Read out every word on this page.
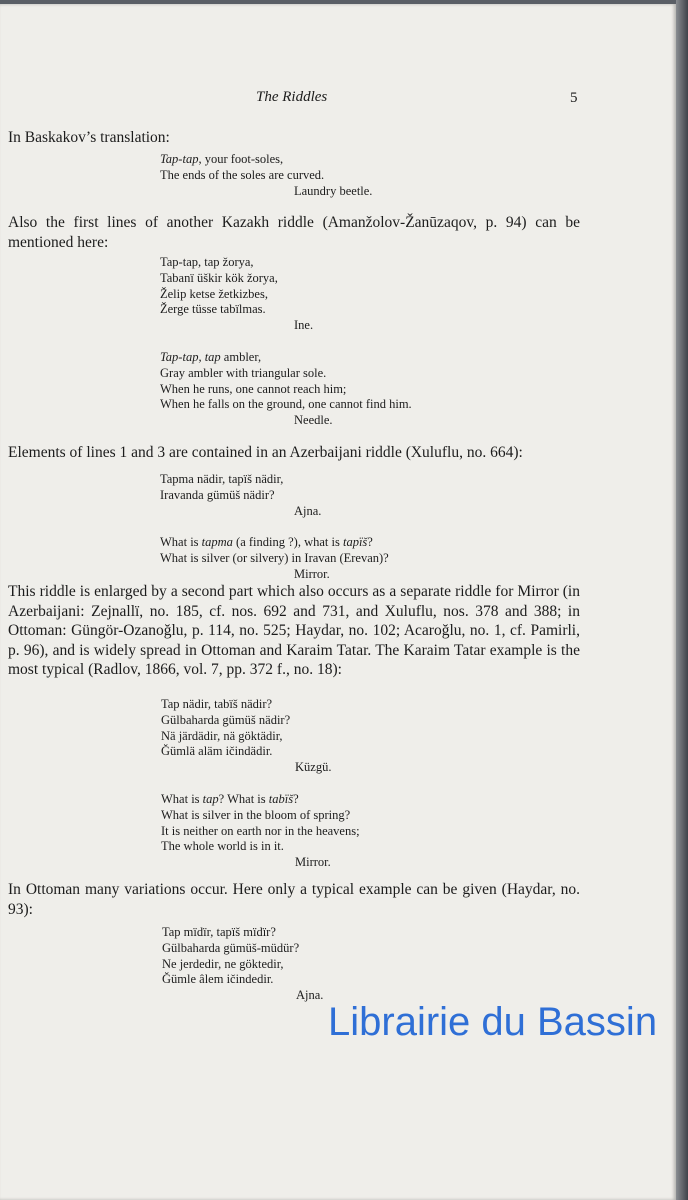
The Riddles	5
In Baskakov’s translation:
Tap-tap, your foot-soles,
The ends of the soles are curved.
Laundry beetle.
Also the first lines of another Kazakh riddle (Amanžolov-Žanūzaqov, p. 94) can be mentioned here:
Tap-tap, tap žorya,
Tabanï üškir kök žorya,
Želip ketse žetkizbes,
Žerge tüsse tabïlmas.
Ine.
Tap-tap, tap ambler,
Gray ambler with triangular sole.
When he runs, one cannot reach him;
When he falls on the ground, one cannot find him.
Needle.
Elements of lines 1 and 3 are contained in an Azerbaijani riddle (Xuluflu, no. 664):
Tapma nädir, tapïš nädir,
Iravanda gümüš nädir?
Ajna.
What is tapma (a finding ?), what is tapïš?
What is silver (or silvery) in Iravan (Erevan)?
Mirror.
This riddle is enlarged by a second part which also occurs as a separate riddle for Mirror (in Azerbaijani: Zejnallï, no. 185, cf. nos. 692 and 731, and Xuluflu, nos. 378 and 388; in Ottoman: Güngör-Ozanoğlu, p. 114, no. 525; Haydar, no. 102; Acaroğlu, no. 1, cf. Pamirli, p. 96), and is widely spread in Ottoman and Karaim Tatar. The Karaim Tatar example is the most typical (Radlov, 1866, vol. 7, pp. 372 f., no. 18):
Tap nädir, tabïš nädir?
Gülbaharda gümüš nädir?
Nä järdädir, nä göktädir,
Ğümlä aläm ičindädir.
Küzgü.
What is tap? What is tabïš?
What is silver in the bloom of spring?
It is neither on earth nor in the heavens;
The whole world is in it.
Mirror.
In Ottoman many variations occur. Here only a typical example can be given (Haydar, no. 93):
Tap mïdïr, tapïš mïdïr?
Gülbaharda gümüš-müdür?
Ne jerdedir, ne göktedir,
Ğümle âlem ičindedir.
Ajna.
Librairie du Bassin
